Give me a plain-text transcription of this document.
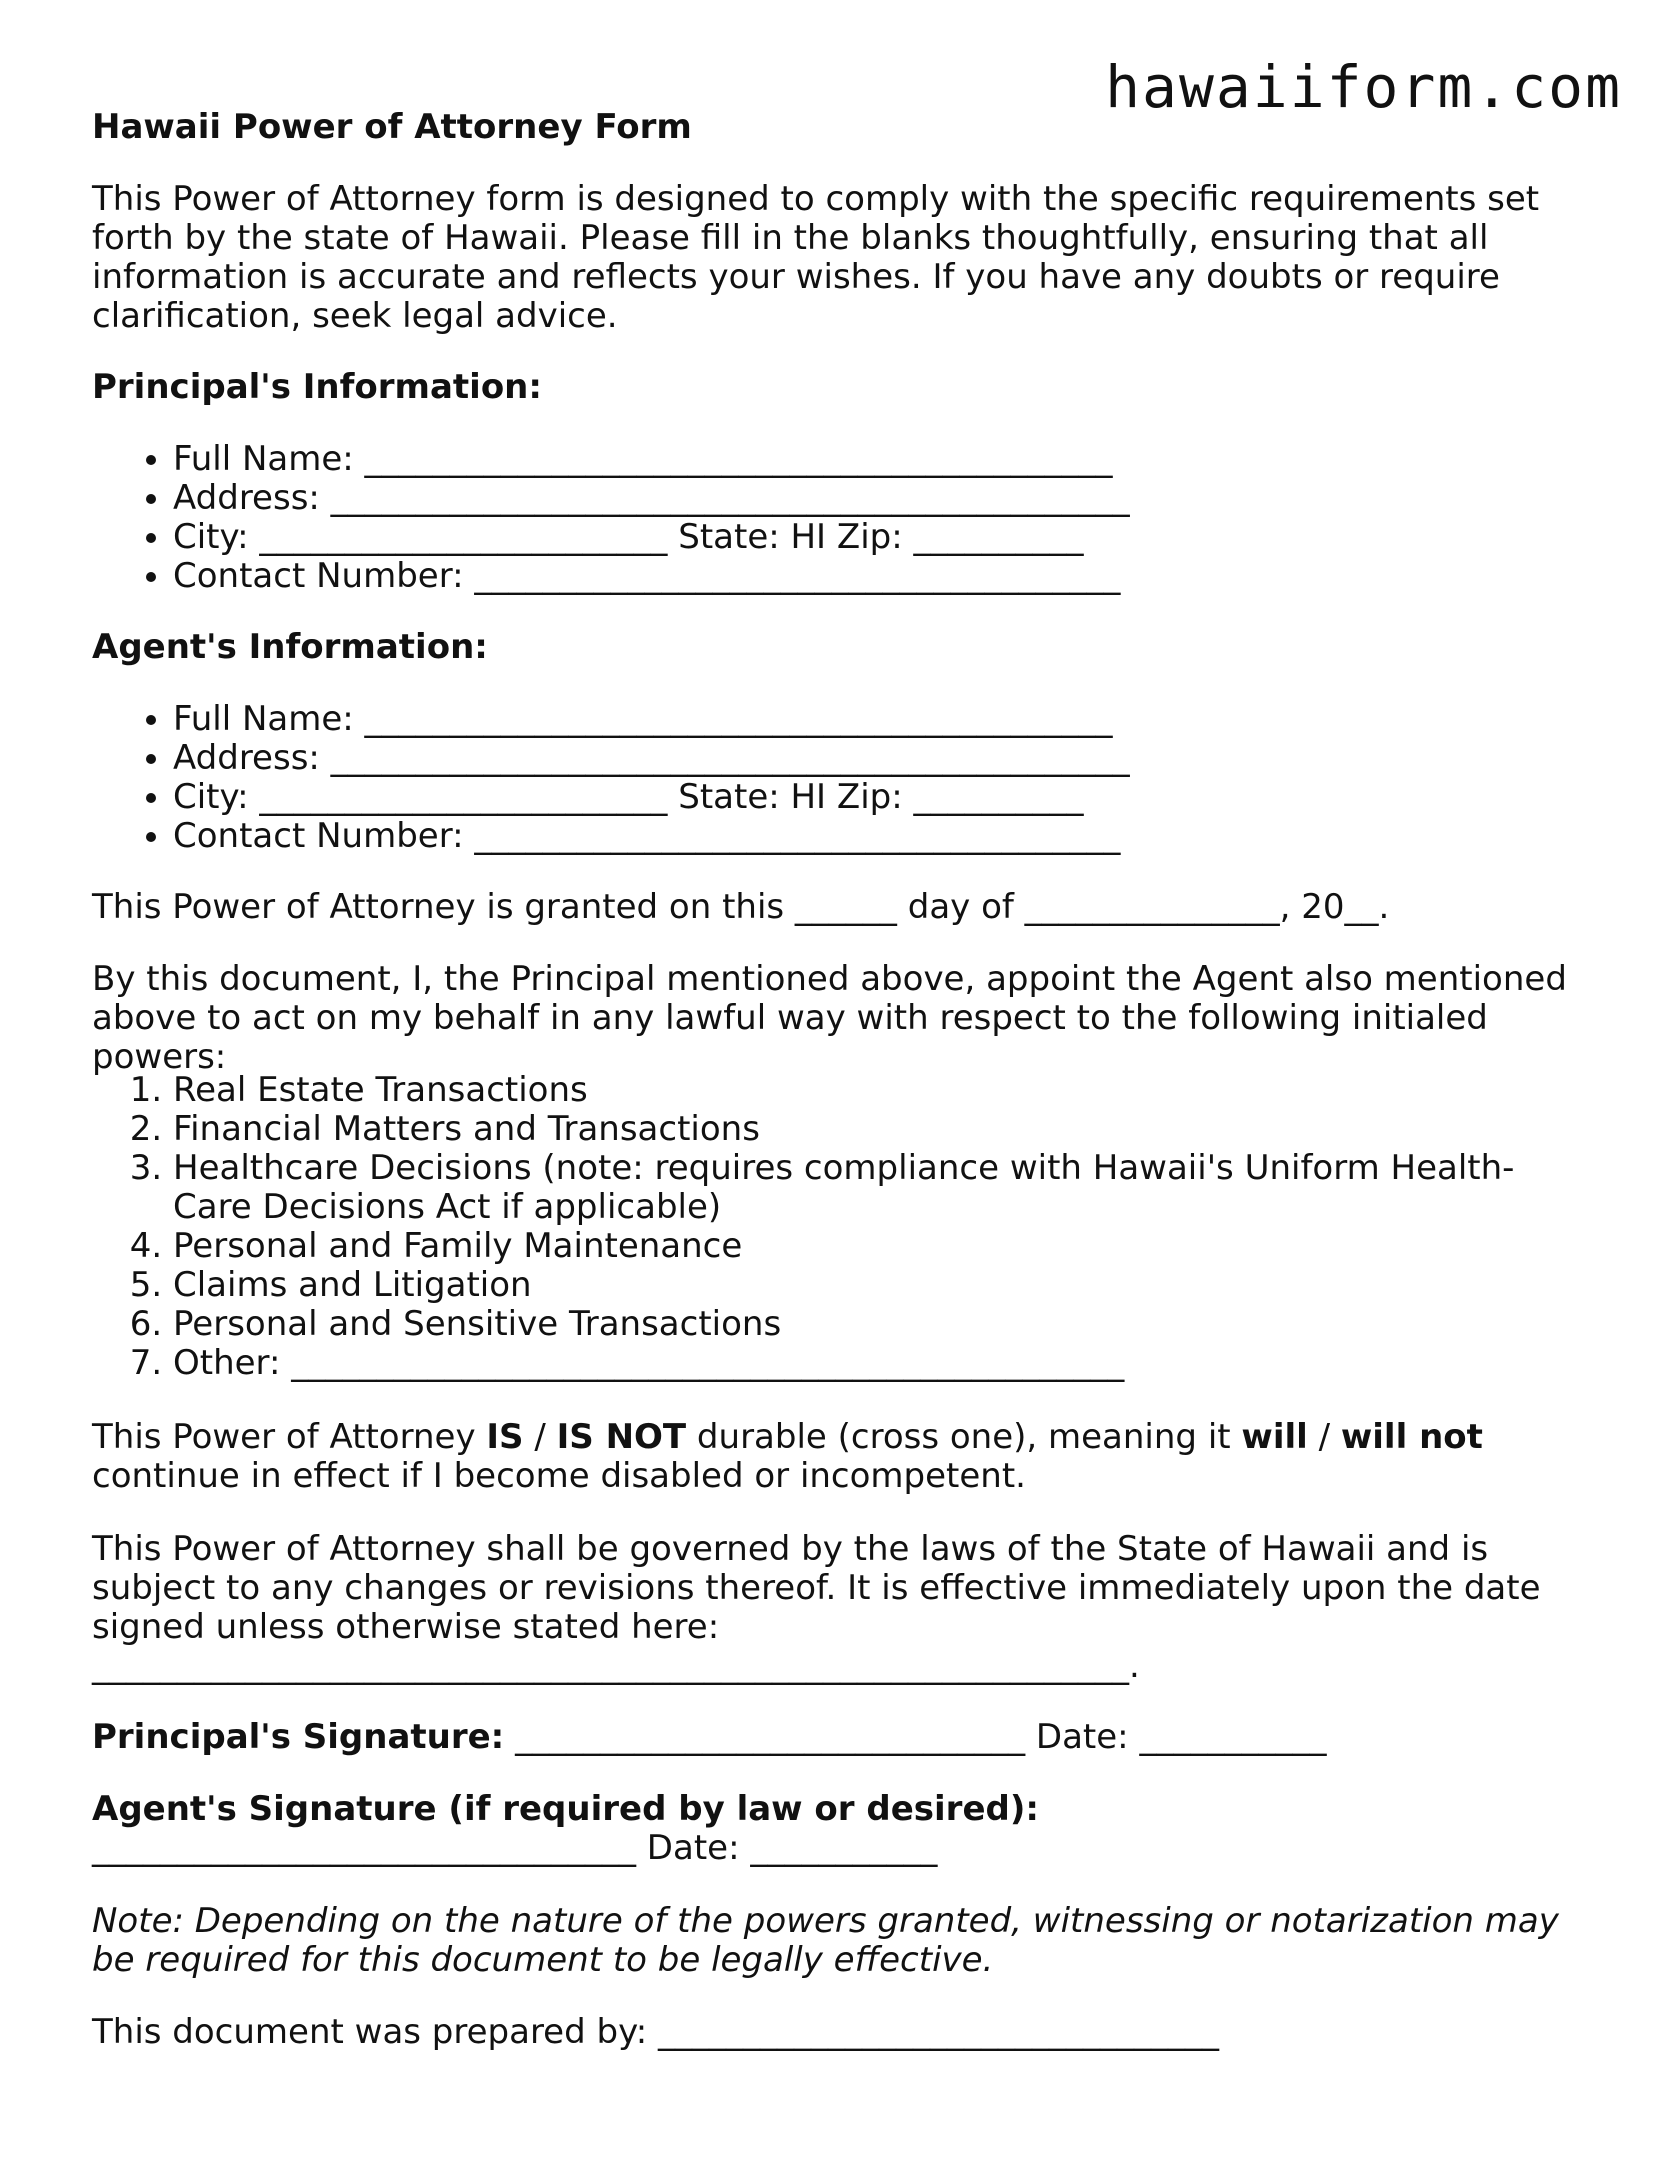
hawaiiform.com
Hawaii Power of Attorney Form

This Power of Attorney form is designed to comply with the specific requirements set forth by the state of Hawaii. Please fill in the blanks thoughtfully, ensuring that all information is accurate and reflects your wishes. If you have any doubts or require clarification, seek legal advice.

Principal's Information:

• Full Name: ____________________________________________
• Address: _______________________________________________
• City: ________________________ State: HI Zip: __________
• Contact Number: ______________________________________

Agent's Information:

• Full Name: ____________________________________________
• Address: _______________________________________________
• City: ________________________ State: HI Zip: __________
• Contact Number: ______________________________________

This Power of Attorney is granted on this ______ day of _______________, 20__.

By this document, I, the Principal mentioned above, appoint the Agent also mentioned above to act on my behalf in any lawful way with respect to the following initialed powers:

1. Real Estate Transactions
2. Financial Matters and Transactions
3. Healthcare Decisions (note: requires compliance with Hawaii's Uniform Health-Care Decisions Act if applicable)
4. Personal and Family Maintenance
5. Claims and Litigation
6. Personal and Sensitive Transactions
7. Other: _________________________________________________

This Power of Attorney IS / IS NOT durable (cross one), meaning it will / will not continue in effect if I become disabled or incompetent.

This Power of Attorney shall be governed by the laws of the State of Hawaii and is subject to any changes or revisions thereof. It is effective immediately upon the date signed unless otherwise stated here:

_____________________________________________________________.

Principal's Signature: ______________________________ Date: ___________

Agent's Signature (if required by law or desired): ________________________________ Date: ___________

Note: Depending on the nature of the powers granted, witnessing or notarization may be required for this document to be legally effective.

This document was prepared by: _________________________________
